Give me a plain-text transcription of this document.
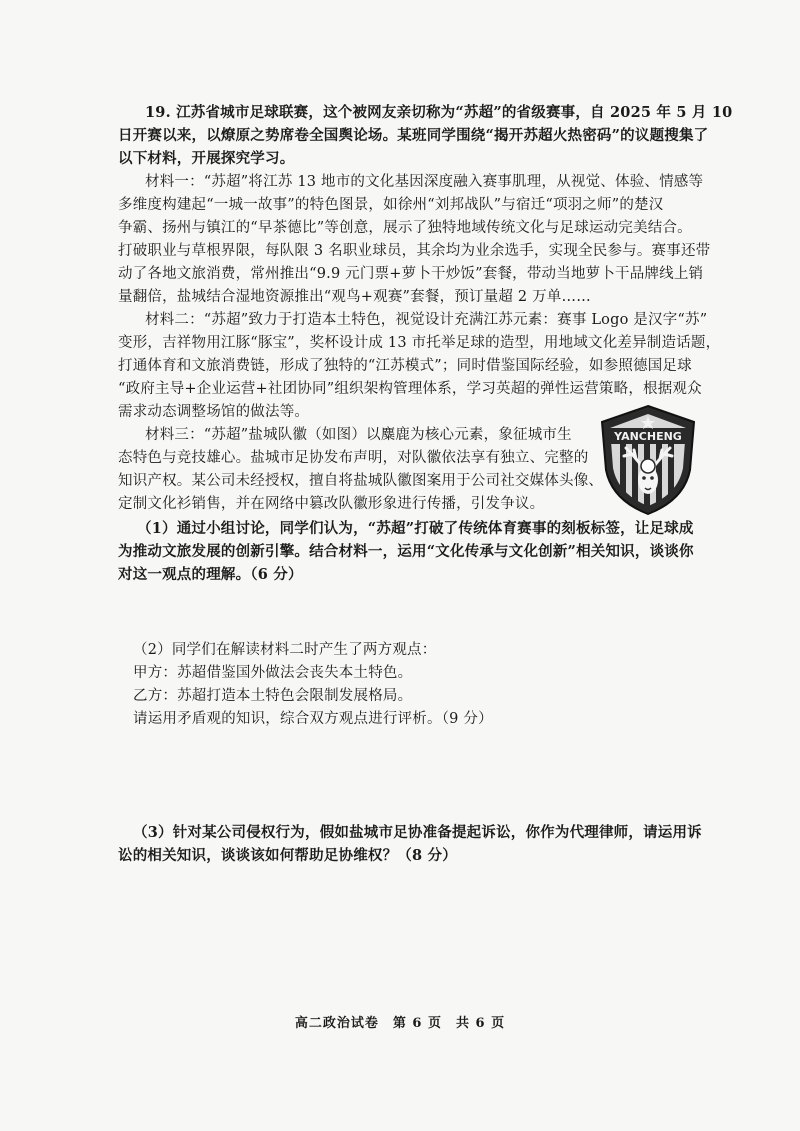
19. 江苏省城市足球联赛，这个被网友亲切称为“苏超”的省级赛事，自 2025 年 5 月 10
日开赛以来，以燎原之势席卷全国舆论场。某班同学围绕“揭开苏超火热密码”的议题搜集了
以下材料，开展探究学习。
材料一：“苏超”将江苏 13 地市的文化基因深度融入赛事肌理，从视觉、体验、情感等
多维度构建起“一城一故事”的特色图景，如徐州“刘邦战队”与宿迁“项羽之师”的楚汉
争霸、扬州与镇江的“早茶德比”等创意，展示了独特地域传统文化与足球运动完美结合。
打破职业与草根界限，每队限 3 名职业球员，其余均为业余选手，实现全民参与。赛事还带
动了各地文旅消费，常州推出“9.9 元门票+萝卜干炒饭”套餐，带动当地萝卜干品牌线上销
量翻倍，盐城结合湿地资源推出“观鸟+观赛”套餐，预订量超 2 万单……
材料二：“苏超”致力于打造本土特色，视觉设计充满江苏元素：赛事 Logo 是汉字“苏”
变形，吉祥物用江豚“豚宝”，奖杯设计成 13 市托举足球的造型，用地域文化差异制造话题，
打通体育和文旅消费链，形成了独特的“江苏模式”；同时借鉴国际经验，如参照德国足球
“政府主导+企业运营+社团协同”组织架构管理体系，学习英超的弹性运营策略，根据观众
需求动态调整场馆的做法等。
材料三：“苏超”盐城队徽（如图）以麋鹿为核心元素，象征城市生
态特色与竞技雄心。盐城市足协发布声明，对队徽依法享有独立、完整的
知识产权。某公司未经授权，擅自将盐城队徽图案用于公司社交媒体头像、
定制文化衫销售，并在网络中篡改队徽形象进行传播，引发争议。
YANCHENG
（1）通过小组讨论，同学们认为，“苏超”打破了传统体育赛事的刻板标签，让足球成
为推动文旅发展的创新引擎。结合材料一，运用“文化传承与文化创新”相关知识，谈谈你
对这一观点的理解。（6 分）
（2）同学们在解读材料二时产生了两方观点：
甲方：苏超借鉴国外做法会丧失本土特色。
乙方：苏超打造本土特色会限制发展格局。
请运用矛盾观的知识，综合双方观点进行评析。（9 分）
（3）针对某公司侵权行为，假如盐城市足协准备提起诉讼，你作为代理律师，请运用诉
讼的相关知识，谈谈该如何帮助足协维权？（8 分）
高二政治试卷　第 6 页　共 6 页
